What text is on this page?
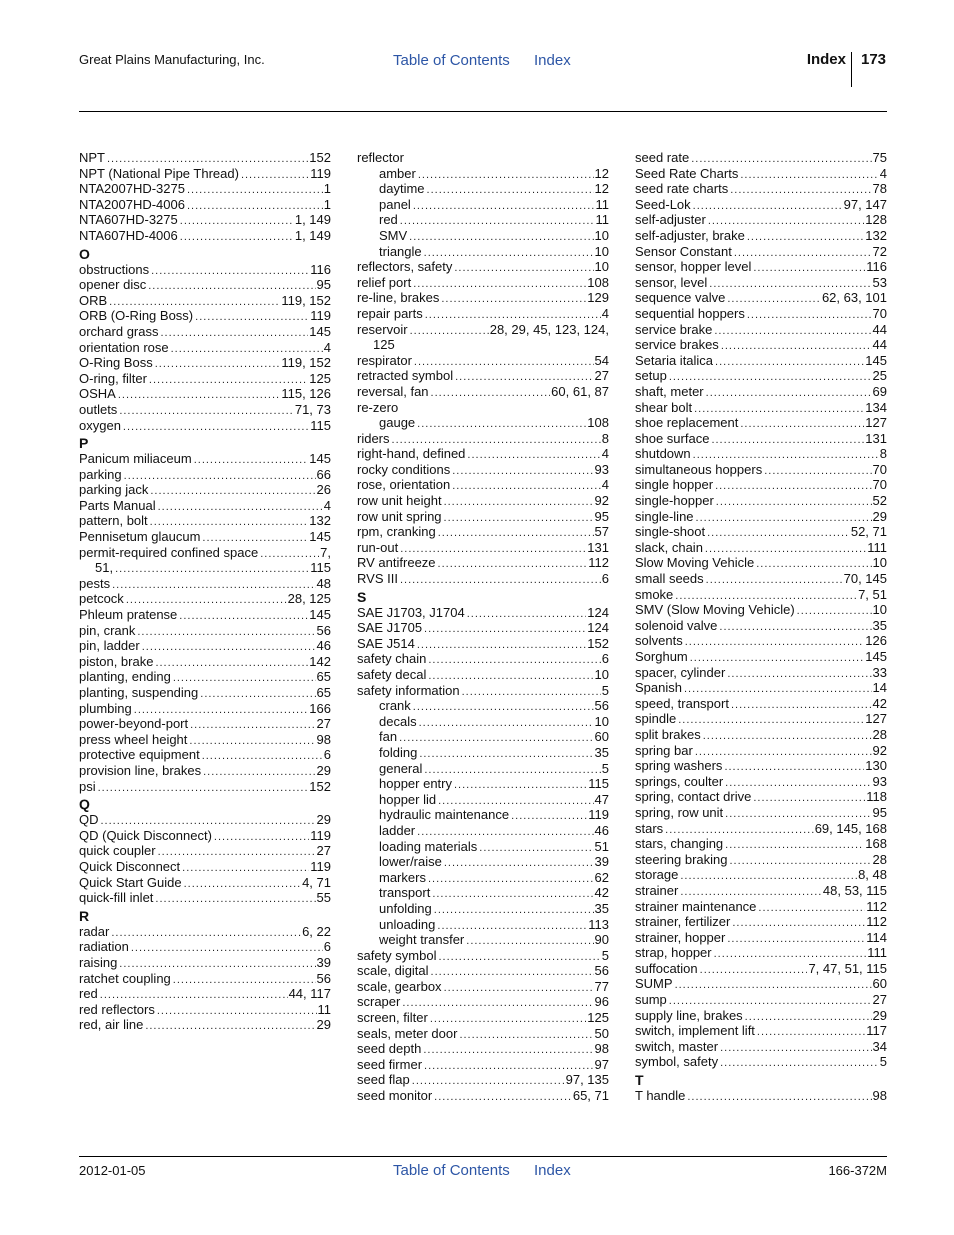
Great Plains Manufacturing, Inc.	Table of Contents Index	Index 173
NPT .....	152
NPT (National Pipe Thread) .....	119
NTA2007HD-3275 .....	1
NTA2007HD-4006 .....	1
NTA607HD-3275 .....	1, 149
NTA607HD-4006 .....	1, 149
O
obstructions .....	116
opener disc .....	95
ORB .....	119, 152
ORB (O-Ring Boss) .....	119
orchard grass .....	145
orientation rose .....	4
O-Ring Boss .....	119, 152
O-ring, filter .....	125
OSHA .....	115, 126
outlets .....	71, 73
oxygen .....	115
P
Panicum miliaceum .....	145
parking .....	66
parking jack .....	26
Parts Manual .....	4
pattern, bolt .....	132
Pennisetum glaucum .....	145
permit-required confined space .....	7,
51, .....	115
pests .....	48
petcock .....	28, 125
Phleum pratense .....	145
pin, crank .....	56
pin, ladder .....	46
piston, brake .....	142
planting, ending .....	65
planting, suspending .....	65
plumbing .....	166
power-beyond-port .....	27
press wheel height .....	98
protective equipment .....	6
provision line, brakes .....	29
psi .....	152
Q
QD .....	29
QD (Quick Disconnect) .....	119
quick coupler .....	27
Quick Disconnect .....	119
Quick Start Guide .....	4, 71
quick-fill inlet .....	55
R
radar .....	6, 22
radiation .....	6
raising .....	39
ratchet coupling .....	56
red .....	44, 117
red reflectors .....	11
red, air line .....	29
reflector
amber .....	12
daytime .....	12
panel .....	11
red .....	11
SMV .....	10
triangle .....	10
reflectors, safety .....	10
relief port .....	108
re-line, brakes .....	129
repair parts .....	4
reservoir .....	28, 29, 45, 123, 124,
125
respirator .....	54
retracted symbol .....	27
reversal, fan .....	60, 61, 87
re-zero
gauge .....	108
riders .....	8
right-hand, defined .....	4
rocky conditions .....	93
rose, orientation .....	4
row unit height .....	92
row unit spring .....	95
rpm, cranking .....	57
run-out .....	131
RV antifreeze .....	112
RVS III .....	6
S
SAE J1703, J1704 .....	124
SAE J1705 .....	124
SAE J514 .....	152
safety chain .....	6
safety decal .....	10
safety information .....	5
crank .....	56
decals .....	10
fan .....	60
folding .....	35
general .....	5
hopper entry .....	115
hopper lid .....	47
hydraulic maintenance .....	119
ladder .....	46
loading materials .....	51
lower/raise .....	39
markers .....	62
transport .....	42
unfolding .....	35
unloading .....	113
weight transfer .....	90
safety symbol .....	5
scale, digital .....	56
scale, gearbox .....	77
scraper .....	96
screen, filter .....	125
seals, meter door .....	50
seed depth .....	98
seed firmer .....	97
seed flap .....	97, 135
seed monitor .....	65, 71
seed rate .....	75
Seed Rate Charts .....	4
seed rate charts .....	78
Seed-Lok .....	97, 147
self-adjuster .....	128
self-adjuster, brake .....	132
Sensor Constant .....	72
sensor, hopper level .....	116
sensor, level .....	53
sequence valve .....	62, 63, 101
sequential hoppers .....	70
service brake .....	44
service brakes .....	44
Setaria italica .....	145
setup .....	25
shaft, meter .....	69
shear bolt .....	134
shoe replacement .....	127
shoe surface .....	131
shutdown .....	8
simultaneous hoppers .....	70
single hopper .....	70
single-hopper .....	52
single-line .....	29
single-shoot .....	52, 71
slack, chain .....	111
Slow Moving Vehicle .....	10
small seeds .....	70, 145
smoke .....	7, 51
SMV (Slow Moving Vehicle) .....	10
solenoid valve .....	35
solvents .....	126
Sorghum .....	145
spacer, cylinder .....	33
Spanish .....	14
speed, transport .....	42
spindle .....	127
split brakes .....	28
spring bar .....	92
spring washers .....	130
springs, coulter .....	93
spring, contact drive .....	118
spring, row unit .....	95
stars .....	69, 145, 168
stars, changing .....	168
steering braking .....	28
storage .....	8, 48
strainer .....	48, 53, 115
strainer maintenance .....	112
strainer, fertilizer .....	112
strainer, hopper .....	114
strap, hopper .....	111
suffocation .....	7, 47, 51, 115
SUMP .....	60
sump .....	27
supply line, brakes .....	29
switch, implement lift .....	117
switch, master .....	34
symbol, safety .....	5
T
T handle .....	98
2012-01-05	Table of Contents Index	166-372M
